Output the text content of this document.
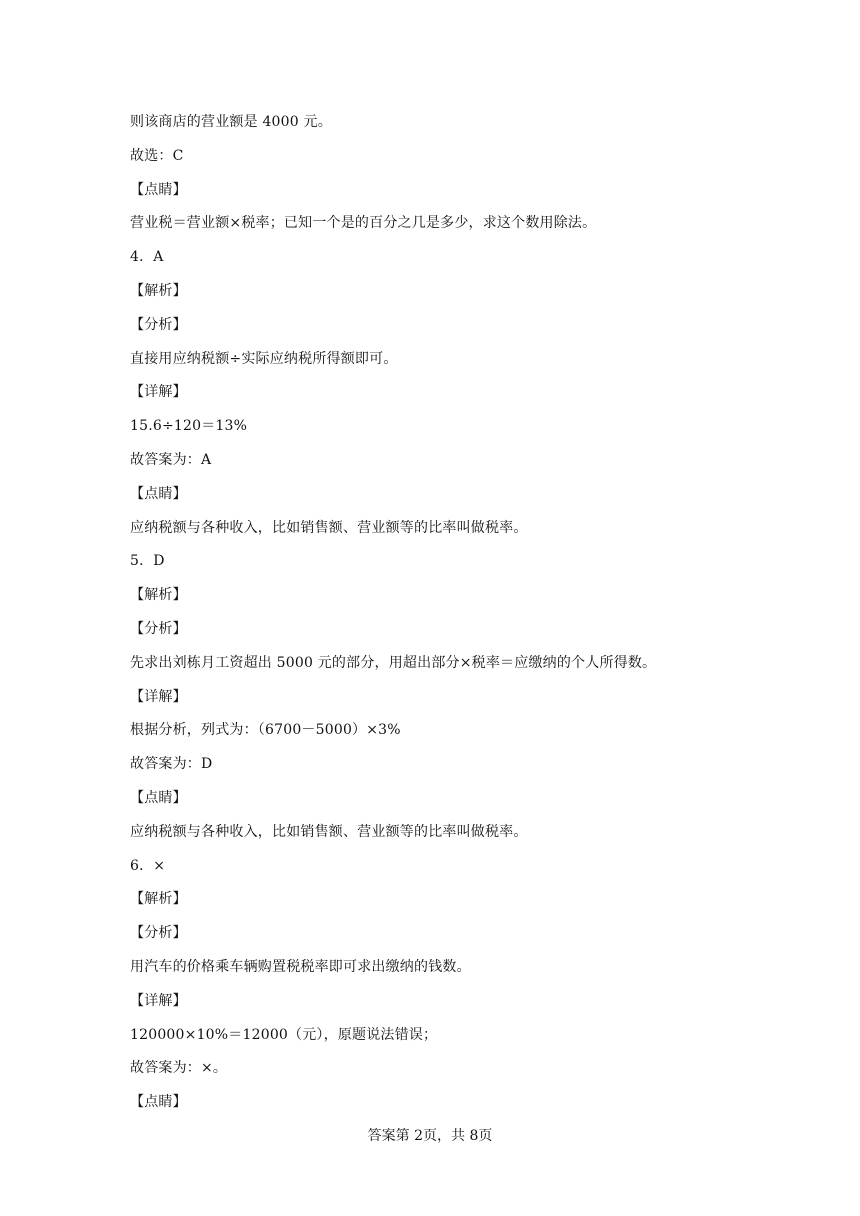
则该商店的营业额是 4000 元。
故选：C
【点睛】
营业税＝营业额×税率；已知一个是的百分之几是多少，求这个数用除法。
4．A
【解析】
【分析】
直接用应纳税额÷实际应纳税所得额即可。
【详解】
15.6÷120＝13%
故答案为：A
【点睛】
应纳税额与各种收入，比如销售额、营业额等的比率叫做税率。
5．D
【解析】
【分析】
先求出刘栋月工资超出 5000 元的部分，用超出部分×税率＝应缴纳的个人所得数。
【详解】
根据分析，列式为：（6700－5000）×3%
故答案为：D
【点睛】
应纳税额与各种收入，比如销售额、营业额等的比率叫做税率。
6．×
【解析】
【分析】
用汽车的价格乘车辆购置税税率即可求出缴纳的钱数。
【详解】
120000×10%＝12000（元），原题说法错误；
故答案为：×。
【点睛】
答案第 2页，共 8页
